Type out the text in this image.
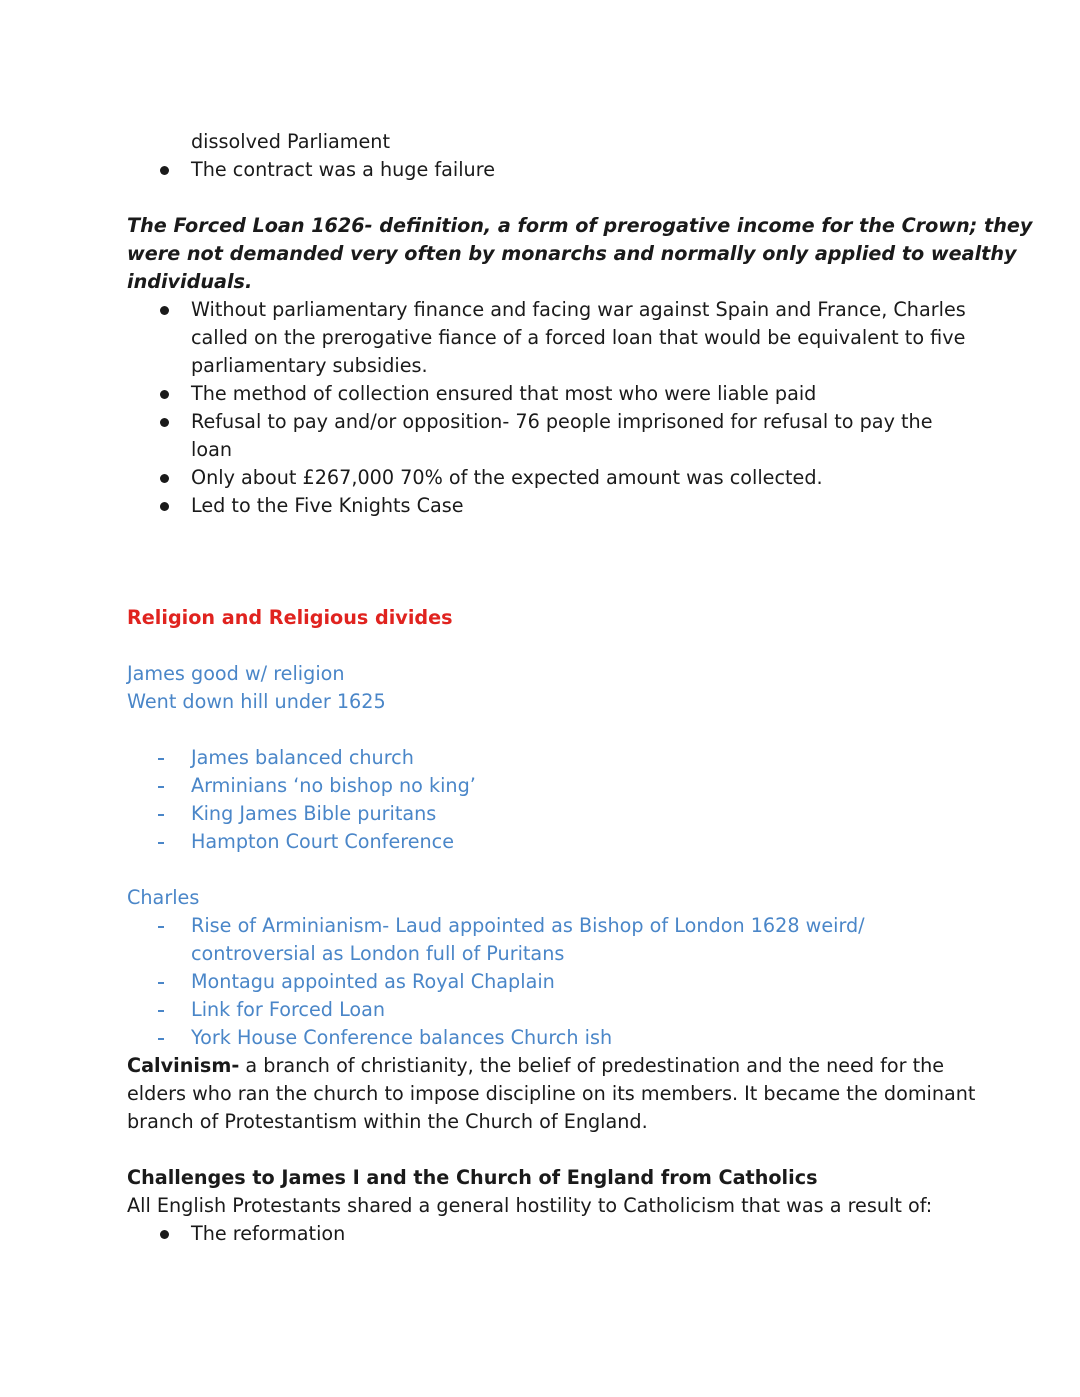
dissolved Parliament
The contract was a huge failure
The Forced Loan 1626- definition, a form of prerogative income for the Crown; they
were not demanded very often by monarchs and normally only applied to wealthy
individuals.
Without parliamentary finance and facing war against Spain and France, Charles
called on the prerogative fiance of a forced loan that would be equivalent to five
parliamentary subsidies.
The method of collection ensured that most who were liable paid
Refusal to pay and/or opposition- 76 people imprisoned for refusal to pay the
loan
Only about £267,000 70% of the expected amount was collected.
Led to the Five Knights Case
Religion and Religious divides
James good w/ religion
Went down hill under 1625
James balanced church
Arminians ‘no bishop no king’
King James Bible puritans
Hampton Court Conference
Charles
Rise of Arminianism- Laud appointed as Bishop of London 1628 weird/
controversial as London full of Puritans
Montagu appointed as Royal Chaplain
Link for Forced Loan
York House Conference balances Church ish
Calvinism- a branch of christianity, the belief of predestination and the need for the
elders who ran the church to impose discipline on its members. It became the dominant
branch of Protestantism within the Church of England.
Challenges to James I and the Church of England from Catholics
All English Protestants shared a general hostility to Catholicism that was a result of:
The reformation
